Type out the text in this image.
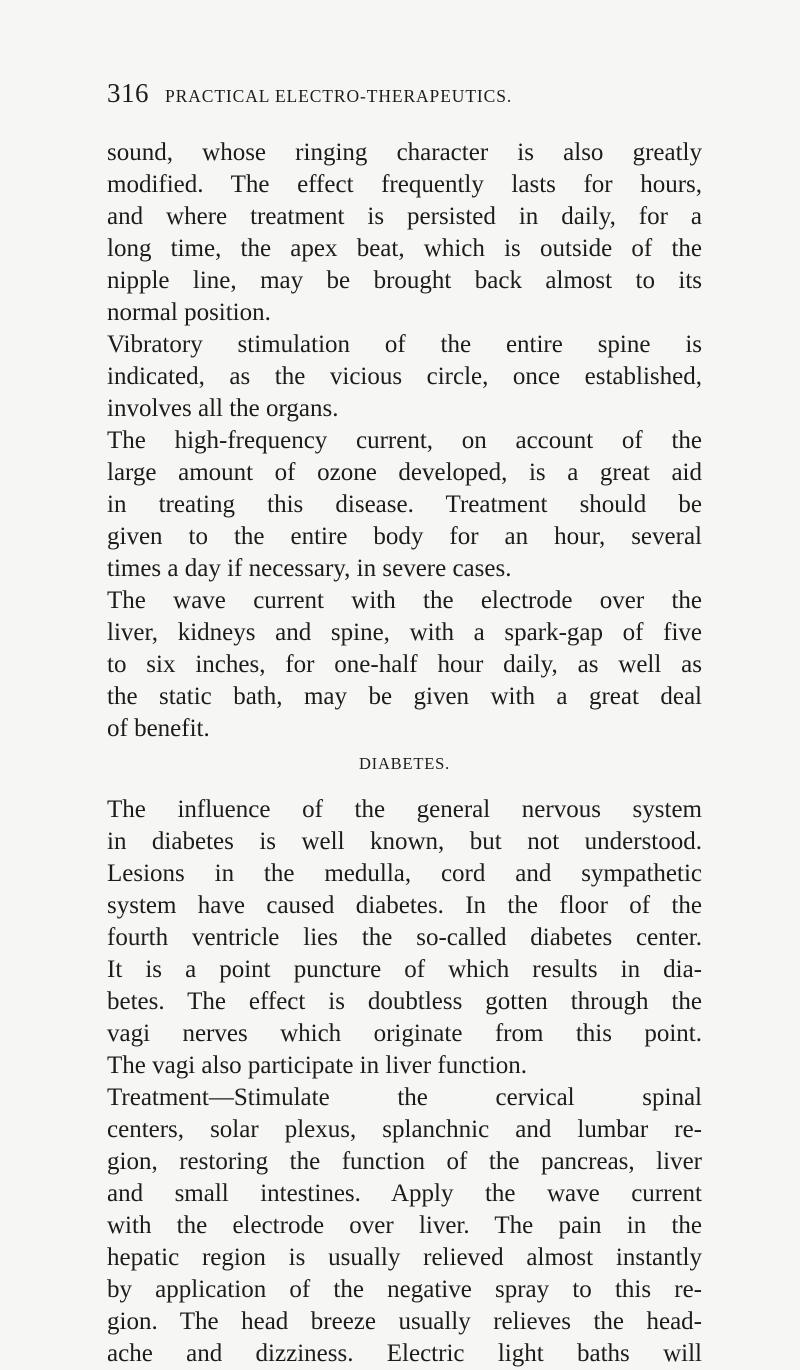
316 PRACTICAL ELECTRO-THERAPEUTICS.
sound, whose ringing character is also greatly
modified. The effect frequently lasts for hours,
and where treatment is persisted in daily, for a
long time, the apex beat, which is outside of the
nipple line, may be brought back almost to its
normal position.
Vibratory stimulation of the entire spine is
indicated, as the vicious circle, once established,
involves all the organs.
The high-frequency current, on account of the
large amount of ozone developed, is a great aid
in treating this disease. Treatment should be
given to the entire body for an hour, several
times a day if necessary, in severe cases.
The wave current with the electrode over the
liver, kidneys and spine, with a spark-gap of five
to six inches, for one-half hour daily, as well as
the static bath, may be given with a great deal
of benefit.
DIABETES.
The influence of the general nervous system
in diabetes is well known, but not understood.
Lesions in the medulla, cord and sympathetic
system have caused diabetes. In the floor of the
fourth ventricle lies the so-called diabetes center.
It is a point puncture of which results in dia-
betes. The effect is doubtless gotten through the
vagi nerves which originate from this point.
The vagi also participate in liver function.
Treatment—Stimulate the cervical spinal
centers, solar plexus, splanchnic and lumbar re-
gion, restoring the function of the pancreas, liver
and small intestines. Apply the wave current
with the electrode over liver. The pain in the
hepatic region is usually relieved almost instantly
by application of the negative spray to this re-
gion. The head breeze usually relieves the head-
ache and dizziness. Electric light baths will
